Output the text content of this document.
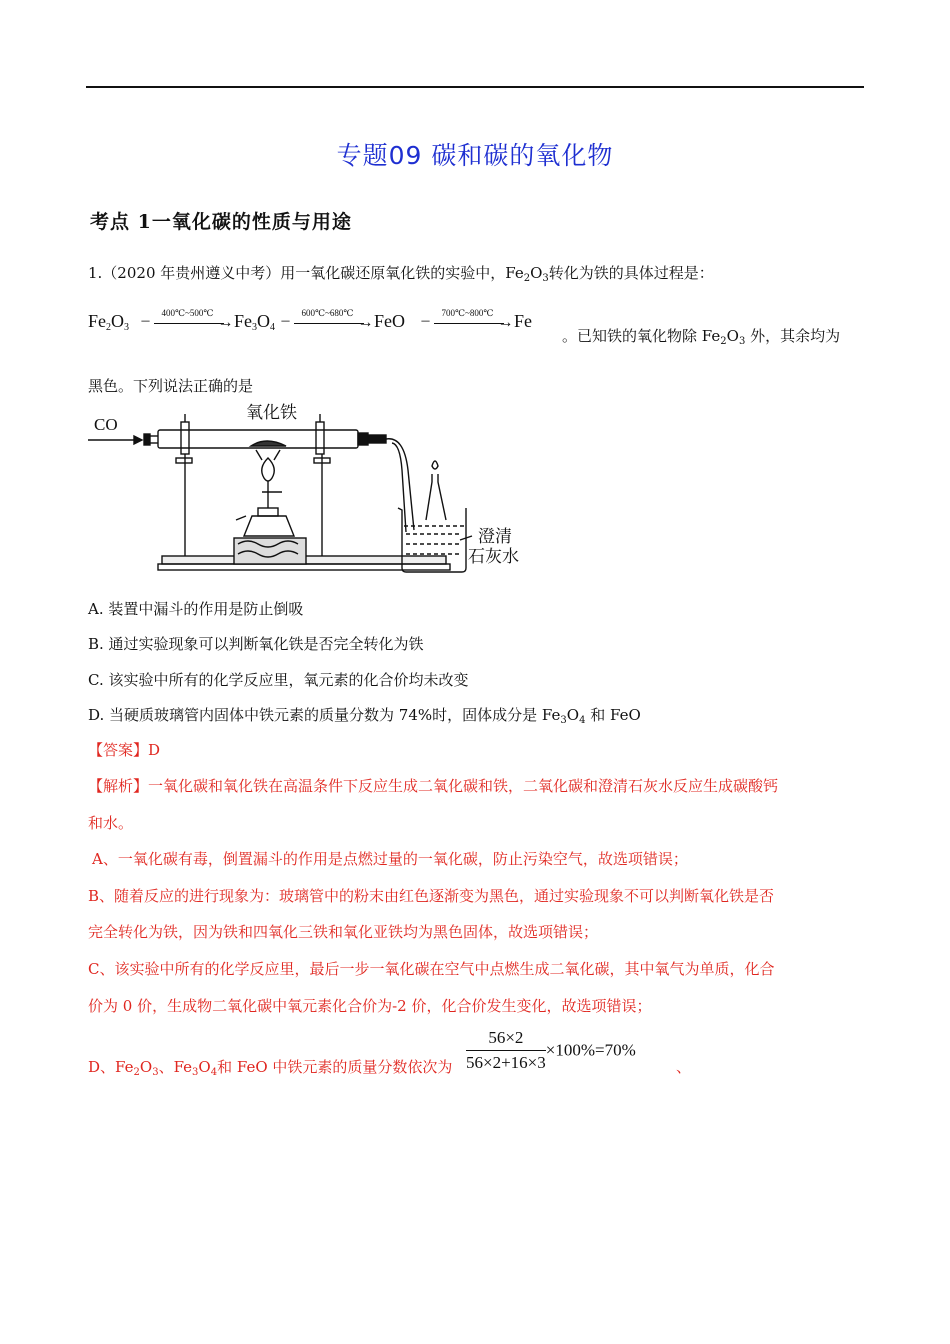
专题09 碳和碳的氧化物
考点 1一氧化碳的性质与用途
1.（2020 年贵州遵义中考）用一氧化碳还原氧化铁的实验中，$Fe_2O_3$转化为铁的具体过程是：
$Fe_2O_3$ –	400℃~500℃
→ $Fe_3O_4$ –	600℃~680℃
→ FeO –	700℃~800℃
→ Fe
。已知铁的氧化物除 $Fe_2O_3$ 外，其余均为
黑色。下列说法正确的是
CO
氧化铁
澄清
石灰水
A. 装置中漏斗的作用是防止倒吸
B. 通过实验现象可以判断氧化铁是否完全转化为铁
C. 该实验中所有的化学反应里，氧元素的化合价均未改变
D. 当硬质玻璃管内固体中铁元素的质量分数为 74%时，固体成分是 $Fe_3O_4$ 和 FeO
【答案】D
【解析】一氧化碳和氧化铁在高温条件下反应生成二氧化碳和铁，二氧化碳和澄清石灰水反应生成碳酸钙
和水。
A、一氧化碳有毒，倒置漏斗的作用是点燃过量的一氧化碳，防止污染空气，故选项错误；
B、随着反应的进行现象为：玻璃管中的粉末由红色逐渐变为黑色，通过实验现象不可以判断氧化铁是否
完全转化为铁，因为铁和四氧化三铁和氧化亚铁均为黑色固体，故选项错误；
C、该实验中所有的化学反应里，最后一步一氧化碳在空气中点燃生成二氧化碳，其中氧气为单质，化合
价为 0 价，生成物二氧化碳中氧元素化合价为-2 价，化合价发生变化，故选项错误；
D、$Fe_2O_3$、$Fe_3O_4$和 FeO 中铁元素的质量分数依次为 $\frac{56\times 2}{56\times 2+16\times 3} \times 100\%=70\%$
、
